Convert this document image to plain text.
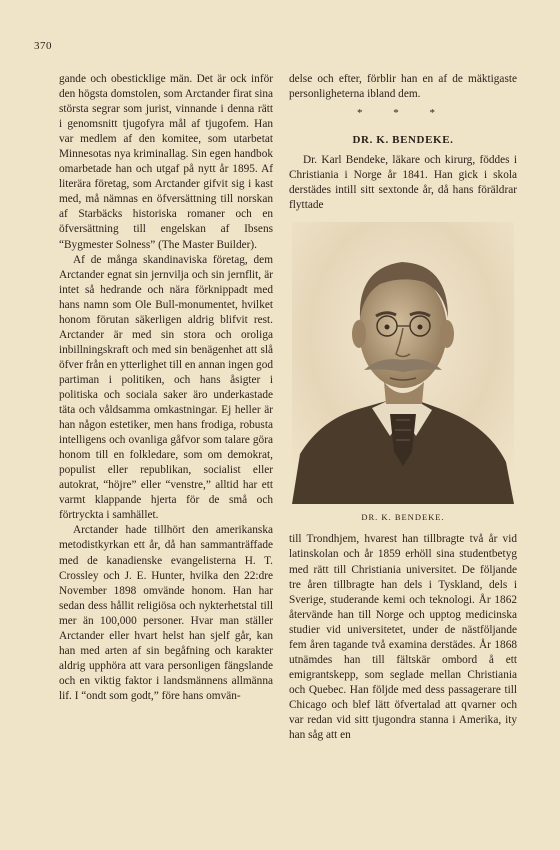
370

gande och obesticklige män. Det är ock inför den högsta domstolen, som Arctander firat sina största segrar som jurist, vinnande i denna rätt i genomsnitt tjugofyra mål af tjugofem. Han var medlem af den komitee, som utarbetat Minnesotas nya kriminallag. Sin egen handbok omarbetade han och utgaf på nytt år 1895. Af literära företag, som Arctander gifvit sig i kast med, må nämnas en öfversättning till norskan af Starbäcks historiska romaner och en öfversättning till engelskan af Ibsens “Bygmester Solness” (The Master Builder).

Af de många skandinaviska företag, dem Arctander egnat sin jernvilja och sin jernflit, är intet så hedrande och nära förknippadt med hans namn som Ole Bull-monumentet, hvilket honom förutan säkerligen aldrig blifvit rest. Arctander är med sin stora och oroliga inbillningskraft och med sin benägenhet att slå öfver från en ytterlighet till en annan ingen god partiman i politiken, och hans åsigter i politiska och sociala saker äro underkastade täta och våldsamma omkastningar. Ej heller är han någon estetiker, men hans frodiga, robusta intelligens och ovanliga gåfvor som talare göra honom till en folkledare, som om demokrat, populist eller republikan, socialist eller autokrat, “höjre” eller “venstre,” alltid har ett varmt klappande hjerta för de små och förtryckta i samhället.

Arctander hade tillhört den amerikanska metodistkyrkan ett år, då han sammanträffade med de kanadienske evangelisterna H. T. Crossley och J. E. Hunter, hvilka den 22:dre November 1898 omvände honom. Han har sedan dess hållit religiösa och nykterhetstal till mer än 100,000 personer. Hvar man ställer Arctander eller hvart helst han sjelf går, kan han med arten af sin begåfning och karakter aldrig upphöra att vara personligen fängslande och en viktig faktor i landsmännens allmänna lif. I “ondt som godt,” före hans omvän-

delse och efter, förblir han en af de mäktigaste personligheterna ibland dem.

* * *

DR. K. BENDEKE.

Dr. Karl Bendeke, läkare och kirurg, föddes i Christiania i Norge år 1841. Han gick i skola derstädes intill sitt sextonde år, då hans föräldrar flyttade

DR. K. BENDEKE.

till Trondhjem, hvarest han tillbragte två år vid latinskolan och år 1859 erhöll sina studentbetyg med rätt till Christiania universitet. De följande tre åren tillbragte han dels i Tyskland, dels i Sverige, studerande kemi och teknologi. År 1862 återvände han till Norge och upptog medicinska studier vid universitetet, under de nästföljande fem åren tagande två examina derstädes. År 1868 utnämdes han till fältskär ombord å ett emigrantskepp, som seglade mellan Christiania och Quebec. Han följde med dess passagerare till Chicago och blef lätt öfvertalad att qvarner och var redan vid sitt tjugondra stanna i Amerika, ity han såg att en
